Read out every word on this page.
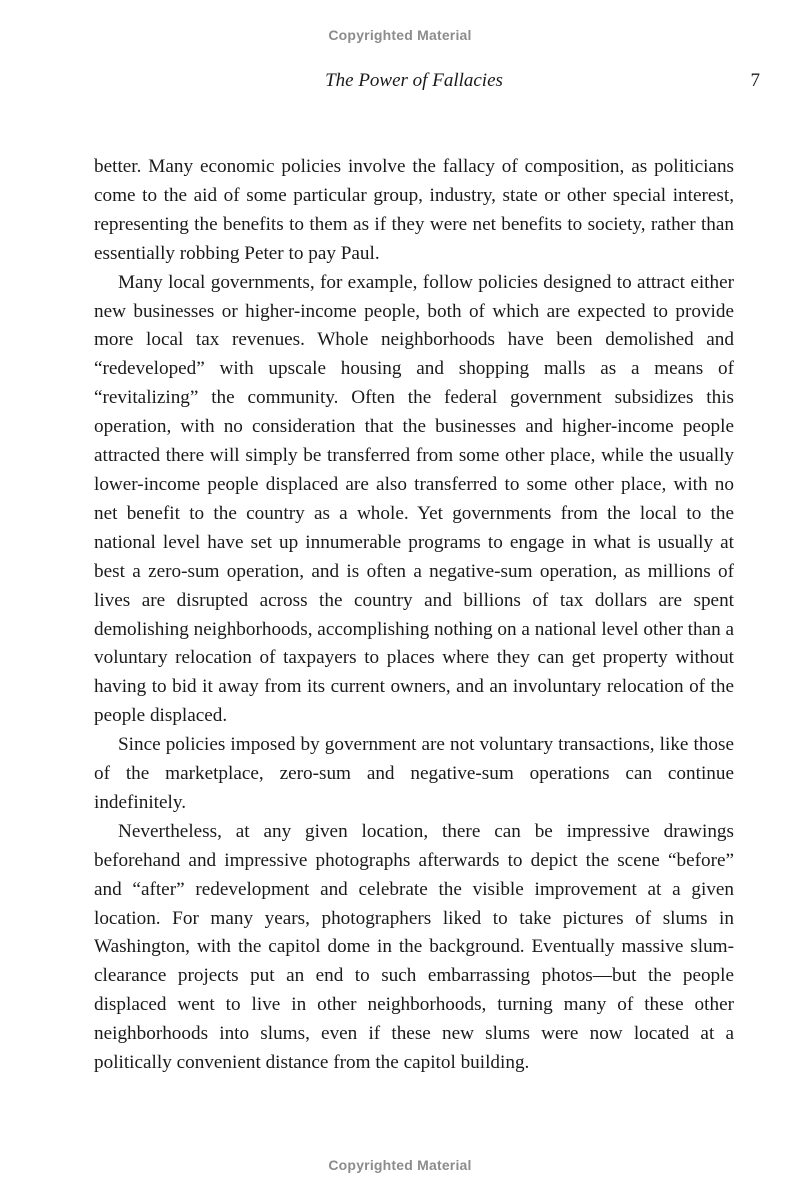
Copyrighted Material
The Power of Fallacies	7

better. Many economic policies involve the fallacy of composition, as politicians come to the aid of some particular group, industry, state or other special interest, representing the benefits to them as if they were net benefits to society, rather than essentially robbing Peter to pay Paul.

Many local governments, for example, follow policies designed to attract either new businesses or higher-income people, both of which are expected to provide more local tax revenues. Whole neighborhoods have been demolished and “redeveloped” with upscale housing and shopping malls as a means of “revitalizing” the community. Often the federal government subsidizes this operation, with no consideration that the businesses and higher-income people attracted there will simply be transferred from some other place, while the usually lower-income people displaced are also transferred to some other place, with no net benefit to the country as a whole. Yet governments from the local to the national level have set up innumerable programs to engage in what is usually at best a zero-sum operation, and is often a negative-sum operation, as millions of lives are disrupted across the country and billions of tax dollars are spent demolishing neighborhoods, accomplishing nothing on a national level other than a voluntary relocation of taxpayers to places where they can get property without having to bid it away from its current owners, and an involuntary relocation of the people displaced.

Since policies imposed by government are not voluntary transactions, like those of the marketplace, zero-sum and negative-sum operations can continue indefinitely.

Nevertheless, at any given location, there can be impressive drawings beforehand and impressive photographs afterwards to depict the scene “before” and “after” redevelopment and celebrate the visible improvement at a given location. For many years, photographers liked to take pictures of slums in Washington, with the capitol dome in the background. Eventually massive slum-clearance projects put an end to such embarrassing photos—but the people displaced went to live in other neighborhoods, turning many of these other neighborhoods into slums, even if these new slums were now located at a politically convenient distance from the capitol building.

Copyrighted Material
